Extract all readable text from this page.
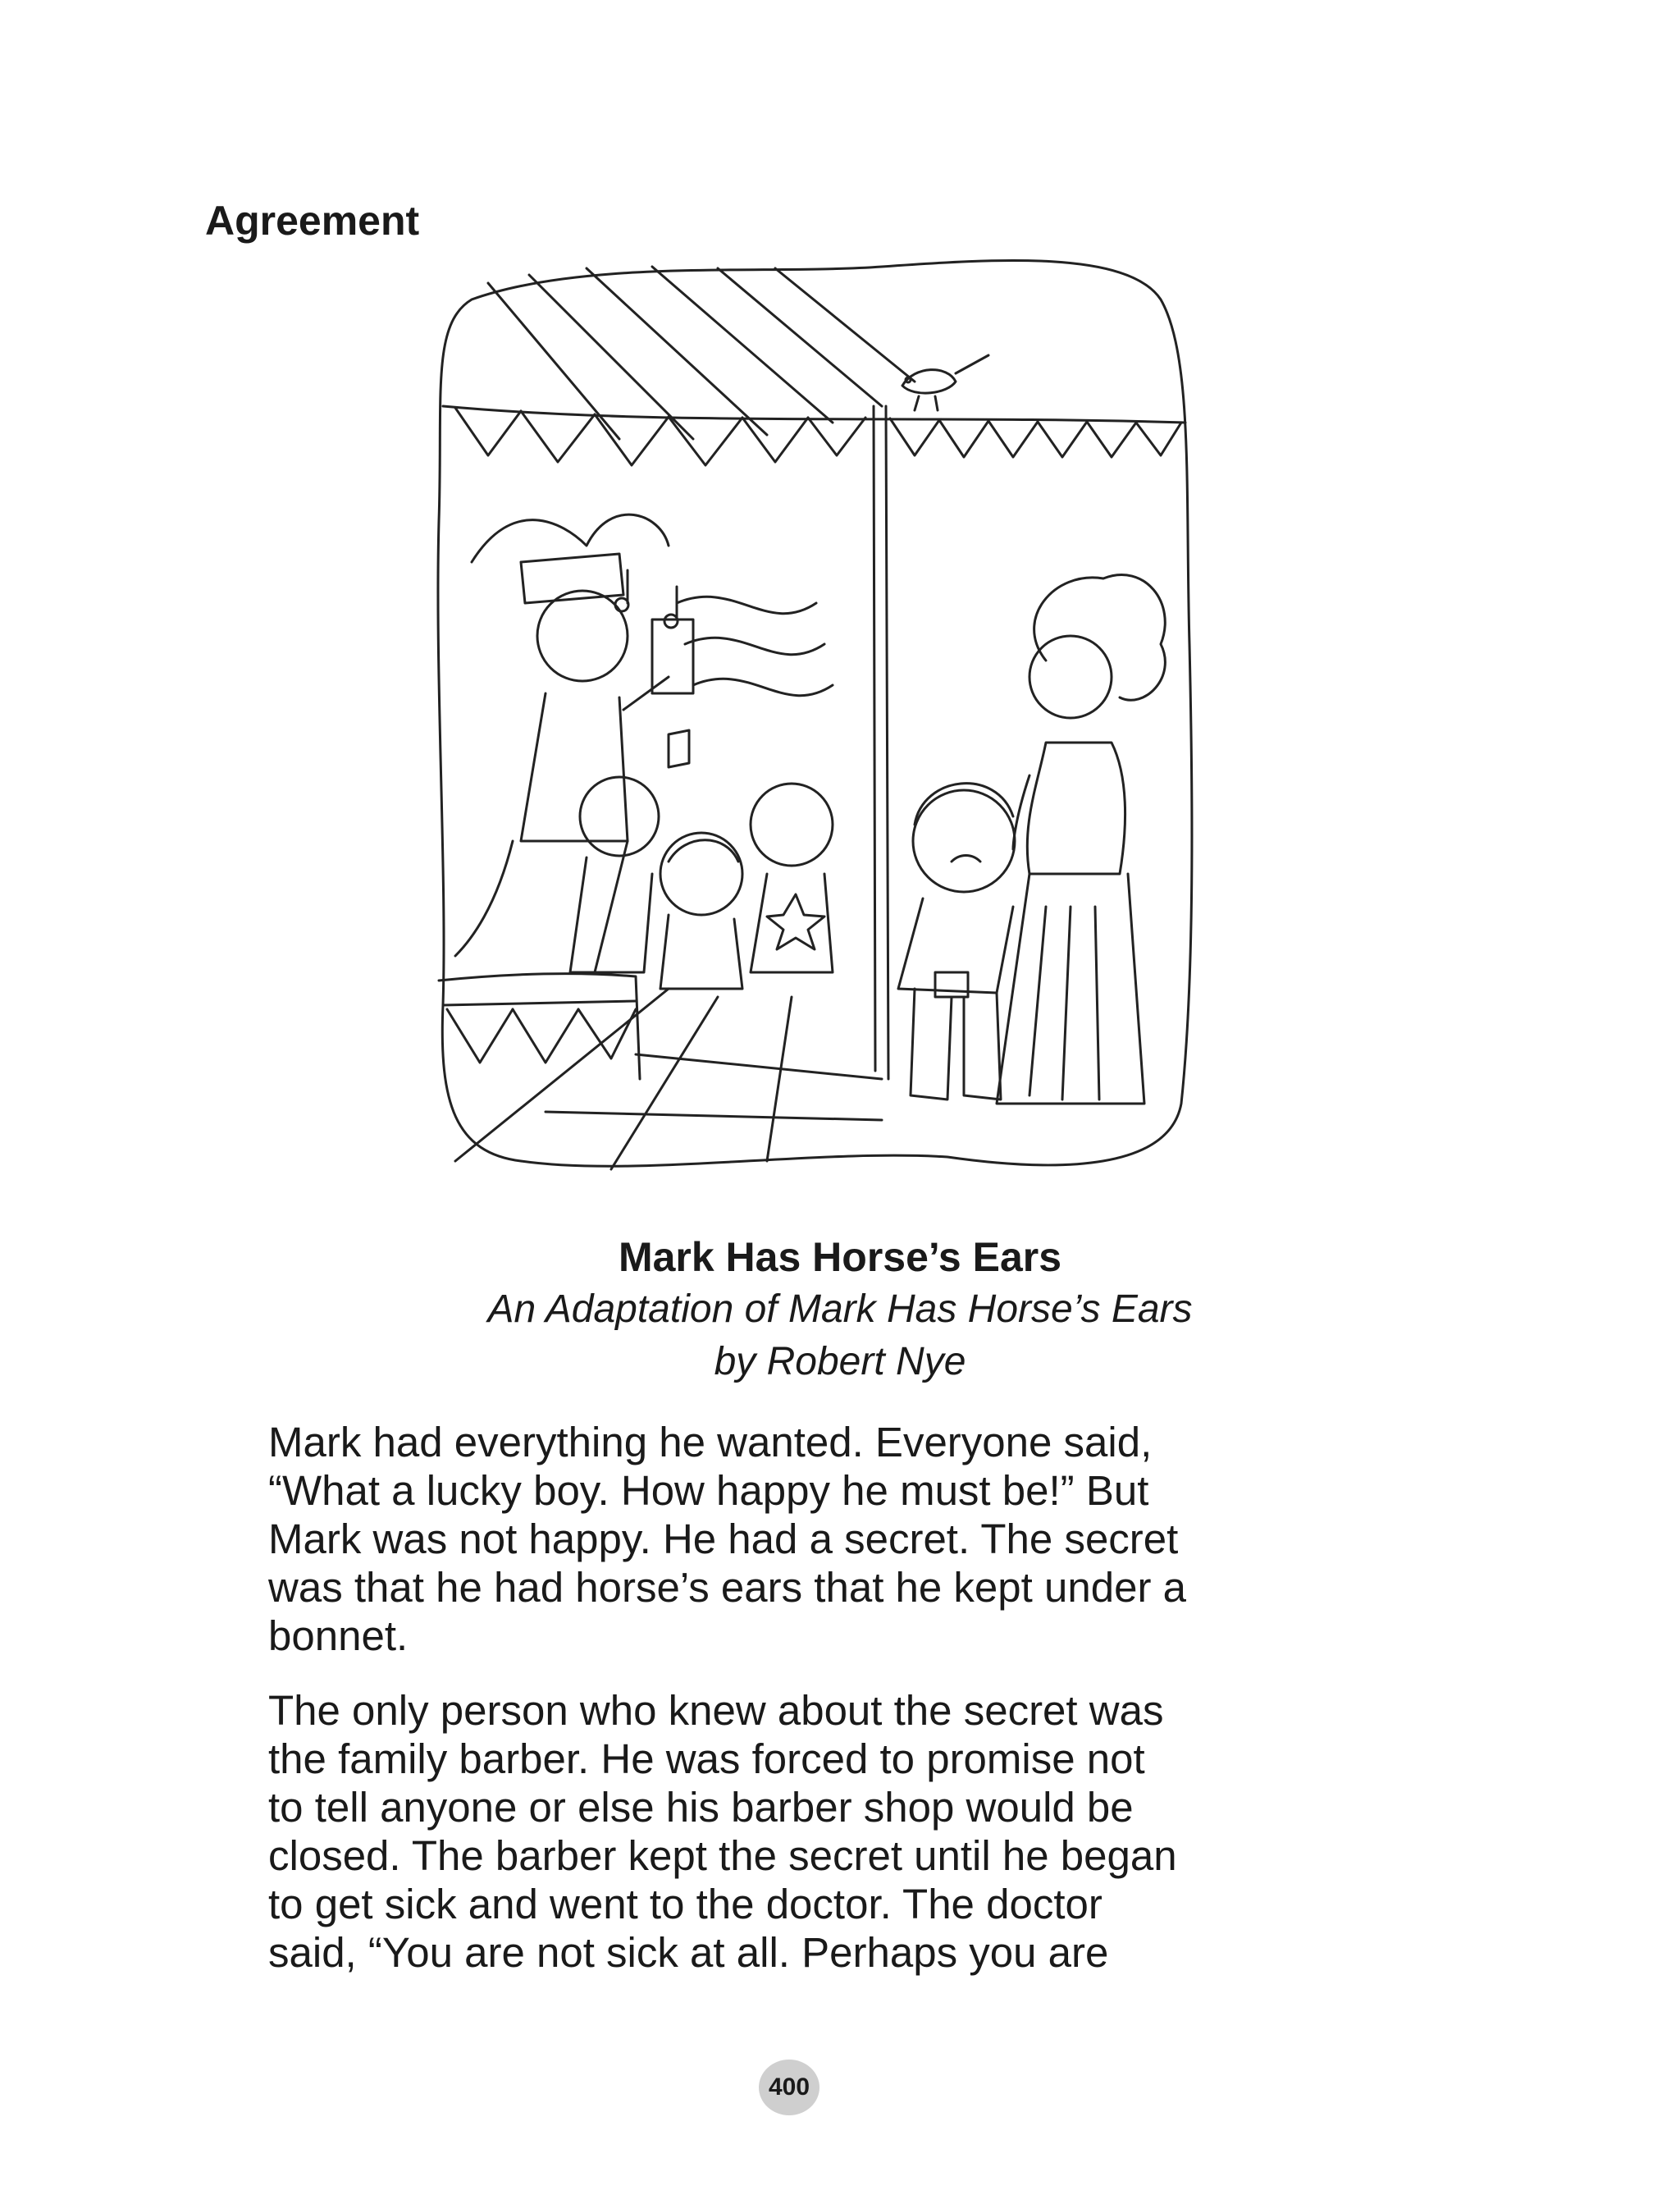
Agreement

Mark Has Horse’s Ears

An Adaptation of Mark Has Horse’s Ears

by Robert Nye

Mark had everything he wanted. Everyone said,
“What a lucky boy. How happy he must be!” But
Mark was not happy. He had a secret. The secret
was that he had horse’s ears that he kept under a
bonnet.

The only person who knew about the secret was
the family barber. He was forced to promise not
to tell anyone or else his barber shop would be
closed. The barber kept the secret until he began
to get sick and went to the doctor. The doctor
said, “You are not sick at all. Perhaps you are

400
